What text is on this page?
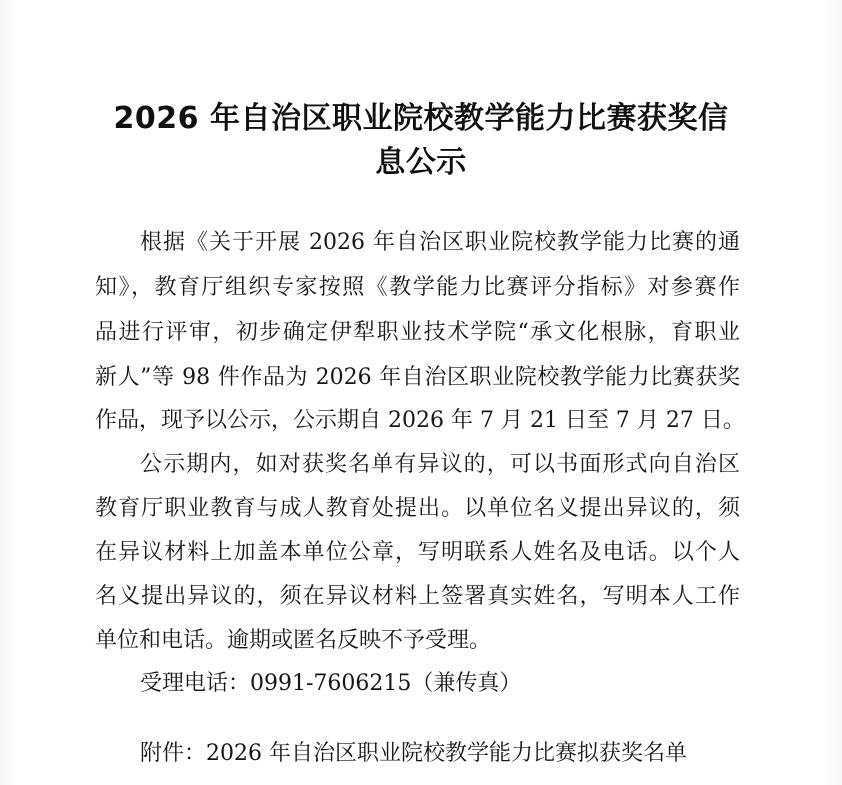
2026 年自治区职业院校教学能力比赛获奖信
息公示
根据《关于开展 2026 年自治区职业院校教学能力比赛的通
知》，教育厅组织专家按照《教学能力比赛评分指标》对参赛作
品进行评审，初步确定伊犁职业技术学院“承文化根脉，育职业
新人”等 98 件作品为 2026 年自治区职业院校教学能力比赛获奖
作品，现予以公示，公示期自 2026 年 7 月 21 日至 7 月 27 日。
公示期内，如对获奖名单有异议的，可以书面形式向自治区
教育厅职业教育与成人教育处提出。以单位名义提出异议的，须
在异议材料上加盖本单位公章，写明联系人姓名及电话。以个人
名义提出异议的，须在异议材料上签署真实姓名，写明本人工作
单位和电话。逾期或匿名反映不予受理。
受理电话：0991-7606215（兼传真）
附件：2026 年自治区职业院校教学能力比赛拟获奖名单
